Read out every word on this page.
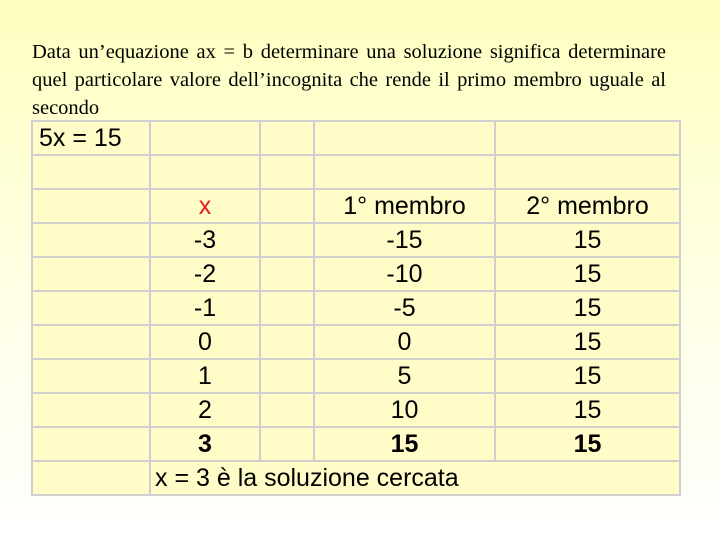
Data un’equazione ax = b determinare una soluzione significa determinare quel particolare valore dell’incognita che rende il primo membro uguale al secondo
5x = 15				

	x		1° membro	2° membro
	-3		-15	15
	-2		-10	15
	-1		-5	15
	0		0	15
	1		5	15
	2		10	15
	3		15	15
	x = 3 è la soluzione cercata			
